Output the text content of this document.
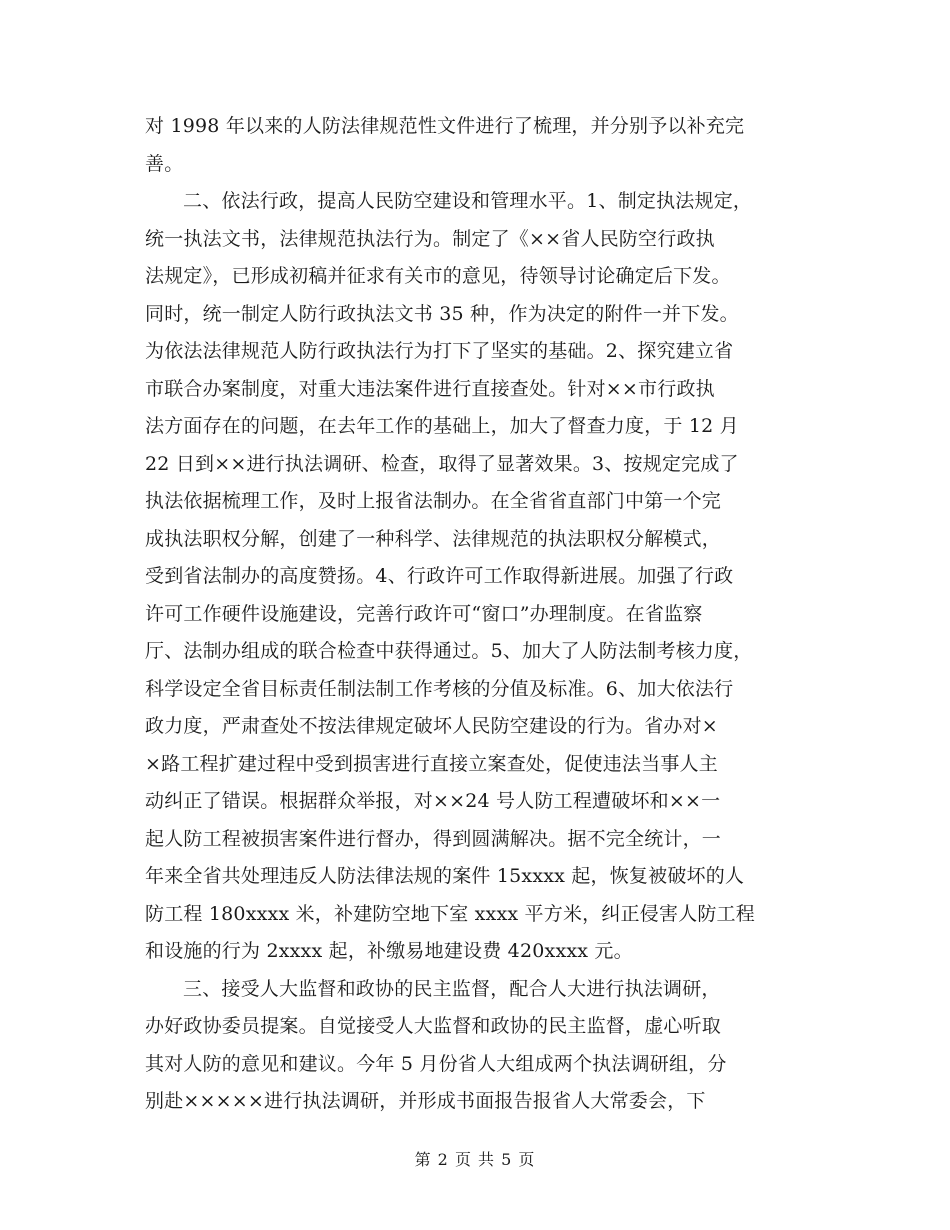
对 1998 年以来的人防法律规范性文件进行了梳理，并分别予以补充完
善。
二、依法行政，提高人民防空建设和管理水平。1、制定执法规定，
统一执法文书，法律规范执法行为。制定了《××省人民防空行政执
法规定》，已形成初稿并征求有关市的意见，待领导讨论确定后下发。
同时，统一制定人防行政执法文书 35 种，作为决定的附件一并下发。
为依法法律规范人防行政执法行为打下了坚实的基础。2、探究建立省
市联合办案制度，对重大违法案件进行直接查处。针对××市行政执
法方面存在的问题，在去年工作的基础上，加大了督查力度，于 12 月
22 日到××进行执法调研、检查，取得了显著效果。3、按规定完成了
执法依据梳理工作，及时上报省法制办。在全省省直部门中第一个完
成执法职权分解，创建了一种科学、法律规范的执法职权分解模式，
受到省法制办的高度赞扬。4、行政许可工作取得新进展。加强了行政
许可工作硬件设施建设，完善行政许可“窗口”办理制度。在省监察
厅、法制办组成的联合检查中获得通过。5、加大了人防法制考核力度，
科学设定全省目标责任制法制工作考核的分值及标准。6、加大依法行
政力度，严肃查处不按法律规定破坏人民防空建设的行为。省办对×
×路工程扩建过程中受到损害进行直接立案查处，促使违法当事人主
动纠正了错误。根据群众举报，对××24 号人防工程遭破坏和××一
起人防工程被损害案件进行督办，得到圆满解决。据不完全统计，一
年来全省共处理违反人防法律法规的案件 15xxxx 起，恢复被破坏的人
防工程 180xxxx 米，补建防空地下室 xxxx 平方米，纠正侵害人防工程
和设施的行为 2xxxx 起，补缴易地建设费 420xxxx 元。
三、接受人大监督和政协的民主监督，配合人大进行执法调研，
办好政协委员提案。自觉接受人大监督和政协的民主监督，虚心听取
其对人防的意见和建议。今年 5 月份省人大组成两个执法调研组，分
别赴×××××进行执法调研，并形成书面报告报省人大常委会，下
第 2 页 共 5 页
